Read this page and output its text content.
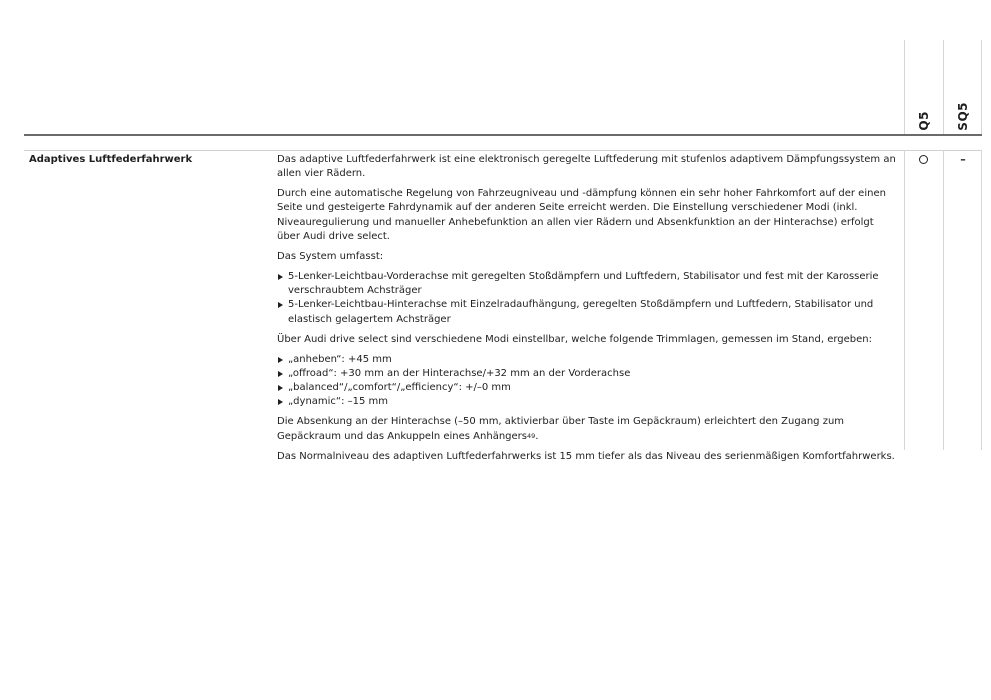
Q5 SQ5
Adaptives Luftfederfahrwerk	Das adaptive Luftfederfahrwerk ist eine elektronisch geregelte Luftfederung mit stufenlos adaptivem Dämpfungssystem an allen vier Rädern.

Durch eine automatische Regelung von Fahrzeugniveau und -dämpfung können ein sehr hoher Fahrkomfort auf der einen Seite und gesteigerte Fahrdynamik auf der anderen Seite erreicht werden. Die Einstellung verschiedener Modi (inkl. Niveauregulierung und manueller Anhebefunktion an allen vier Rädern und Absenkfunktion an der Hinterachse) erfolgt über Audi drive select.

Das System umfasst:

5-Lenker-Leichtbau-Vorderachse mit geregelten Stoßdämpfern und Luftfedern, Stabilisator und fest mit der Karosserie verschraubtem Achsträger
5-Lenker-Leichtbau-Hinterachse mit Einzelradaufhängung, geregelten Stoßdämpfern und Luftfedern, Stabilisator und elastisch gelagertem Achsträger

Über Audi drive select sind verschiedene Modi einstellbar, welche folgende Trimmlagen, gemessen im Stand, ergeben:

„anheben“: +45 mm
„offroad“: +30 mm an der Hinterachse/+32 mm an der Vorderachse
„balanced“/„comfort“/„efficiency“: +/–0 mm
„dynamic“: –15 mm

Die Absenkung an der Hinterachse (–50 mm, aktivierbar über Taste im Gepäckraum) erleichtert den Zugang zum Gepäckraum und das Ankuppeln eines Anhängers$^{49}$.

Das Normalniveau des adaptiven Luftfederfahrwerks ist 15 mm tiefer als das Niveau des serienmäßigen Komfortfahrwerks.

–
